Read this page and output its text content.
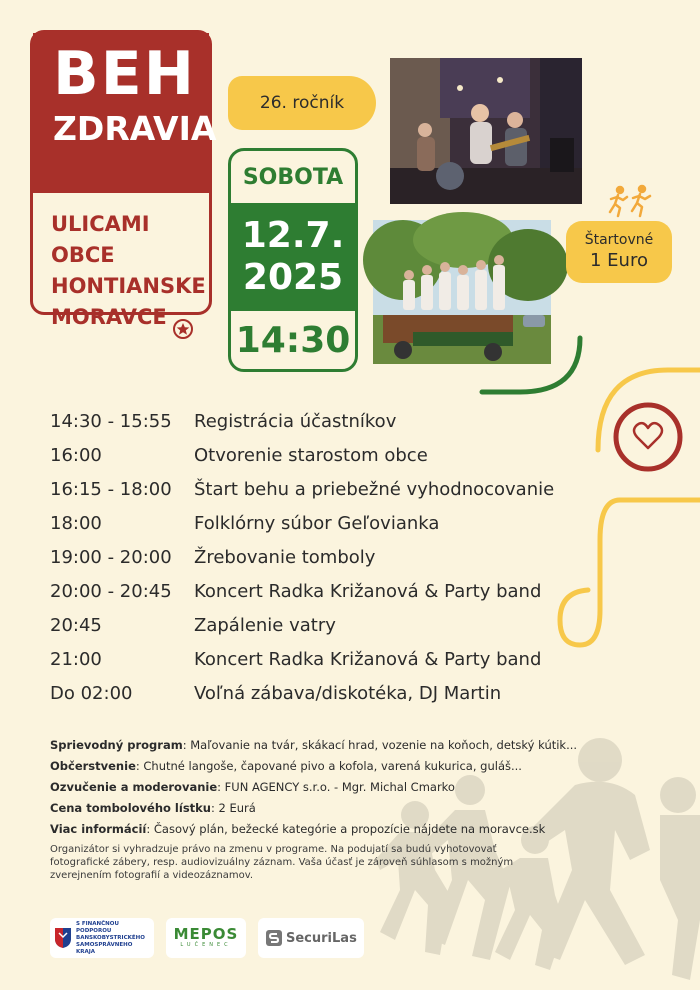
BEH
ZDRAVIA
ULICAMI OBCE
HONTIANSKE
MORAVCE
26. ročník
SOBOTA
12.7.
2025
14:30
Štartovné
1 Euro
14:30 - 15:55	Registrácia účastníkov
16:00	Otvorenie starostom obce
16:15 - 18:00	Štart behu a priebežné vyhodnocovanie
18:00	Folklórny súbor Geľovianka
19:00 - 20:00	Žrebovanie tomboly
20:00 - 20:45	Koncert Radka Križanová & Party band
20:45	Zapálenie vatry
21:00	Koncert Radka Križanová & Party band
Do 02:00	Voľná zábava/diskotéka, DJ Martin

Sprievodný program: Maľovanie na tvár, skákací hrad, vozenie na koňoch, detský kútik...

Občerstvenie: Chutné langoše, čapované pivo a kofola, varená kukurica, guláš...

Ozvučenie a moderovanie: FUN AGENCY s.r.o. - Mgr. Michal Cmarko

Cena tombolového lístku: 2 Eurá

Viac informácií: Časový plán, bežecké kategórie a propozície nájdete na moravce.sk

Organizátor si vyhradzuje právo na zmenu v programe. Na podujatí sa budú vyhotovovať fotografické zábery, resp. audiovizuálny záznam. Vaša účasť je zároveň súhlasom s možným zverejnením fotografií a videozáznamov.

S FINANČNOU PODPOROU BANSKOBYSTRICKÉHO SAMOSPRÁVNEHO KRAJA
MEPOS
LUČENEC	SecuriLas
